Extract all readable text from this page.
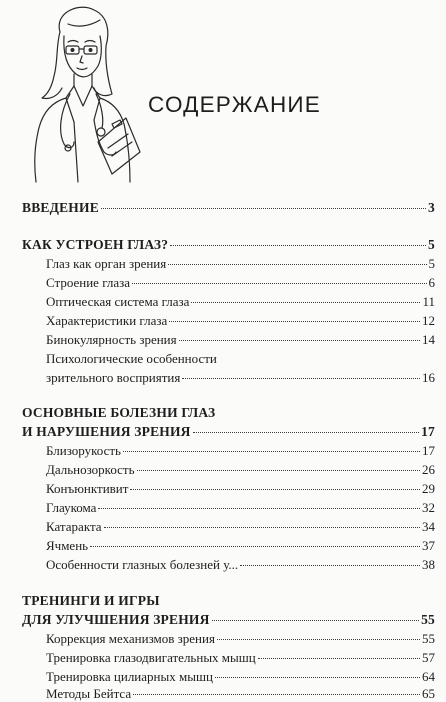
СОДЕРЖАНИЕ
ВВЕДЕНИЕ	3
КАК УСТРОЕН ГЛАЗ?	5
Глаз как орган зрения	5
Строение глаза	6
Оптическая система глаза	11
Характеристики глаза	12
Бинокулярность зрения	14
Психологические особенности
зрительного восприятия	16
ОСНОВНЫЕ БОЛЕЗНИ ГЛАЗ
И НАРУШЕНИЯ ЗРЕНИЯ	17
Близорукость	17
Дальнозоркость	26
Конъюнктивит	29
Глаукома	32
Катаракта	34
Ячмень	37
Особенности глазных болезней у...	38
ТРЕНИНГИ И ИГРЫ
ДЛЯ УЛУЧШЕНИЯ ЗРЕНИЯ	55
Коррекция механизмов зрения	55
Тренировка глазодвигательных мышц	57
Тренировка цилиарных мышц	64
Методы Бейтса	65
